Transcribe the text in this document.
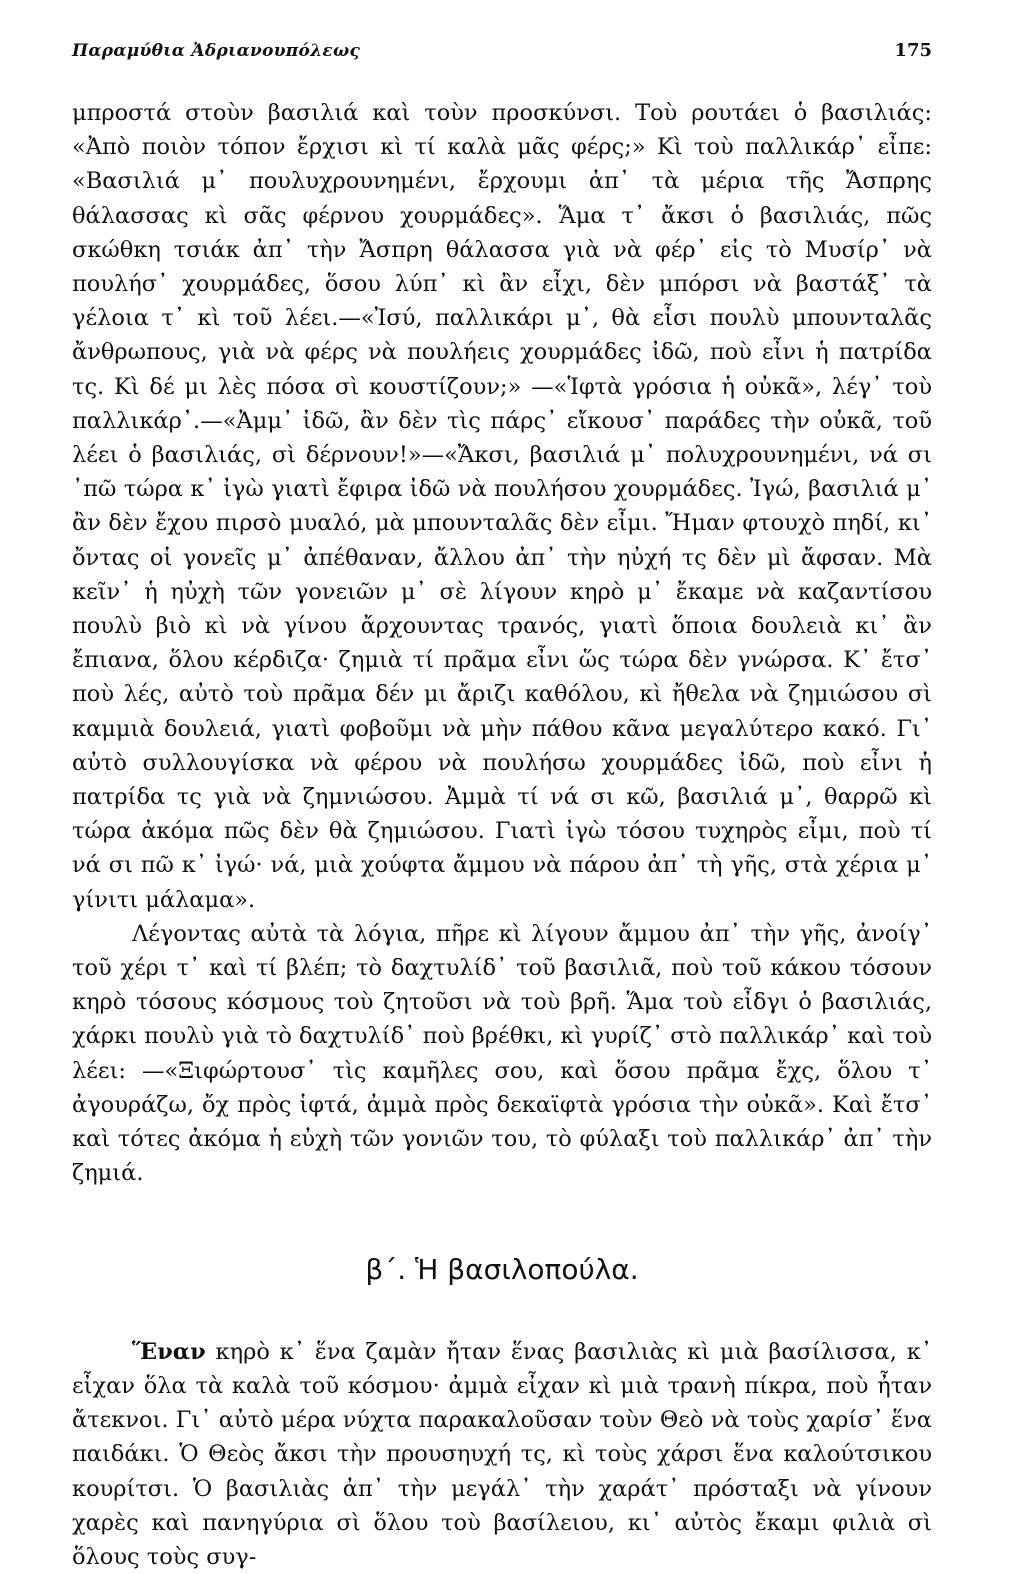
Παραμύθια Ἀδριανουπόλεως	175

μπροστά στοὺν βασιλιά καὶ τοὺν προσκύνσι. Τοὺ ρουτάει ὁ βασιλιάς: «Ἀπὸ ποιὸν τόπον ἔρχισι κὶ τί καλὰ μᾶς φέρς;» Κὶ τοὺ παλλικάρ᾽ εἶπε: «Βασιλιά μ᾽ πουλυχρουνημένι, ἔρχουμι ἀπ᾽ τὰ μέρια τῆς Ἄσπρης θάλασσας κὶ σᾶς φέρνου χουρμάδες». Ἅμα τ᾽ ἄκσι ὁ βασιλιάς, πῶς σκώθκη τσιάκ ἀπ᾽ τὴν Ἄσπρη θάλασσα γιὰ νὰ φέρ᾽ εἰς τὸ Μυσίρ᾽ νὰ πουλήσ᾽ χουρμάδες, ὅσου λύπ᾽ κὶ ἂν εἶχι, δὲν μπόρσι νὰ βαστάξ᾽ τὰ γέλοια τ᾽ κὶ τοῦ λέει.—«Ἰσύ, παλλικάρι μ᾽, θὰ εἶσι πουλὺ μπουνταλᾶς ἄνθρωπους, γιὰ νὰ φέρς νὰ πουλήεις χουρμάδες ἰδῶ, ποὺ εἶνι ἡ πατρίδα τς. Κὶ δέ μι λὲς πόσα σὶ κουστίζουν;» —«Ἱφτὰ γρόσια ἡ οὐκᾶ», λέγ᾽ τοὺ παλλικάρ᾽.—«Ἀμμ᾽ ἰδῶ, ἂν δὲν τὶς πάρς᾽ εἴκουσ᾽ παράδες τὴν οὐκᾶ, τοῦ λέει ὁ βασιλιάς, σὶ δέρνουν!»—«Ἄκσι, βασιλιά μ᾽ πολυχρουνημένι, νά σι ᾽πῶ τώρα κ᾽ ἰγὼ γιατὶ ἔφιρα ἰδῶ νὰ πουλήσου χουρμάδες. Ἰγώ, βασιλιά μ᾽ ἂν δὲν ἔχου πιρσὸ μυαλό, μὰ μπουνταλᾶς δὲν εἶμι. Ἤμαν φτουχὸ πηδί, κι᾽ ὄντας οἱ γονεῖς μ᾽ ἀπέθαναν, ἄλλου ἀπ᾽ τὴν ηὐχή τς δὲν μὶ ἄφσαν. Μὰ κεῖν᾽ ἡ ηὐχὴ τῶν γονειῶν μ᾽ σὲ λίγουν κηρὸ μ᾽ ἔκαμε νὰ καζαντίσου πουλὺ βιὸ κὶ νὰ γίνου ἄρχουντας τρανός, γιατὶ ὅποια δουλειὰ κι᾽ ἂν ἔπιανα, ὅλου κέρδιζα· ζημιὰ τί πρᾶμα εἶνι ὥς τώρα δὲν γνώρσα. Κ᾽ ἔτσ᾽ ποὺ λές, αὐτὸ τοὺ πρᾶμα δέν μι ἄριζι καθόλου, κὶ ἤθελα νὰ ζημιώσου σὶ καμμιὰ δουλειά, γιατὶ φοβοῦμι νὰ μὴν πάθου κᾶνα μεγαλύτερο κακό. Γι᾽ αὐτὸ συλλουγίσκα νὰ φέρου νὰ πουλήσω χουρμάδες ἰδῶ, ποὺ εἶνι ἡ πατρίδα τς γιὰ νὰ ζημνιώσου. Ἀμμὰ τί νά σι κῶ, βασιλιά μ᾽, θαρρῶ κὶ τώρα ἀκόμα πῶς δὲν θὰ ζημιώσου. Γιατὶ ἰγὼ τόσου τυχηρὸς εἶμι, ποὺ τί νά σι πῶ κ᾽ ἰγώ· νά, μιὰ χούφτα ἄμμου νὰ πάρου ἀπ᾽ τὴ γῆς, στὰ χέρια μ᾽ γίνιτι μάλαμα».

Λέγοντας αὐτὰ τὰ λόγια, πῆρε κὶ λίγουν ἄμμου ἀπ᾽ τὴν γῆς, ἀνοίγ᾽ τοῦ χέρι τ᾽ καὶ τί βλέπ; τὸ δαχτυλίδ᾽ τοῦ βασιλιᾶ, ποὺ τοῦ κάκου τόσουν κηρὸ τόσους κόσμους τοὺ ζητοῦσι νὰ τοὺ βρῆ. Ἅμα τοὺ εἶδγι ὁ βασιλιάς, χάρκι πουλὺ γιὰ τὸ δαχτυλίδ᾽ ποὺ βρέθκι, κὶ γυρίζ᾽ στὸ παλλικάρ᾽ καὶ τοὺ λέει: —«Ξιφώρτουσ᾽ τὶς καμῆλες σου, καὶ ὅσου πρᾶμα ἔχς, ὅλου τ᾽ ἀγουράζω, ὄχ πρὸς ἱφτά, ἀμμὰ πρὸς δεκαϊφτὰ γρόσια τὴν οὐκᾶ». Καὶ ἔτσ᾽ καὶ τότες ἀκόμα ἡ εὐχὴ τῶν γονιῶν του, τὸ φύλαξι τοὺ παλλικάρ᾽ ἀπ᾽ τὴν ζημιά.

β΄. Ἡ βασιλοπούλα.

Ἕναν κηρὸ κ᾽ ἕνα ζαμὰν ἤταν ἕνας βασιλιὰς κὶ μιὰ βασίλισσα, κ᾽ εἶχαν ὅλα τὰ καλὰ τοῦ κόσμου· ἀμμὰ εἶχαν κὶ μιὰ τρανὴ πίκρα, ποὺ ἦταν ἄτεκνοι. Γι᾽ αὐτὸ μέρα νύχτα παρακαλοῦσαν τοὺν Θεὸ νὰ τοὺς χαρίσ᾽ ἕνα παιδάκι. Ὁ Θεὸς ἄκσι τὴν προυσηυχή τς, κὶ τοὺς χάρσι ἕνα καλούτσικου κουρίτσι. Ὁ βασιλιὰς ἀπ᾽ τὴν μεγάλ᾽ τὴν χαράτ᾽ πρόσταξι νὰ γίνουν χαρὲς καὶ πανηγύρια σὶ ὅλου τοὺ βασίλειου, κι᾽ αὐτὸς ἔκαμι φιλιὰ σὶ ὅλους τοὺς συγ-
